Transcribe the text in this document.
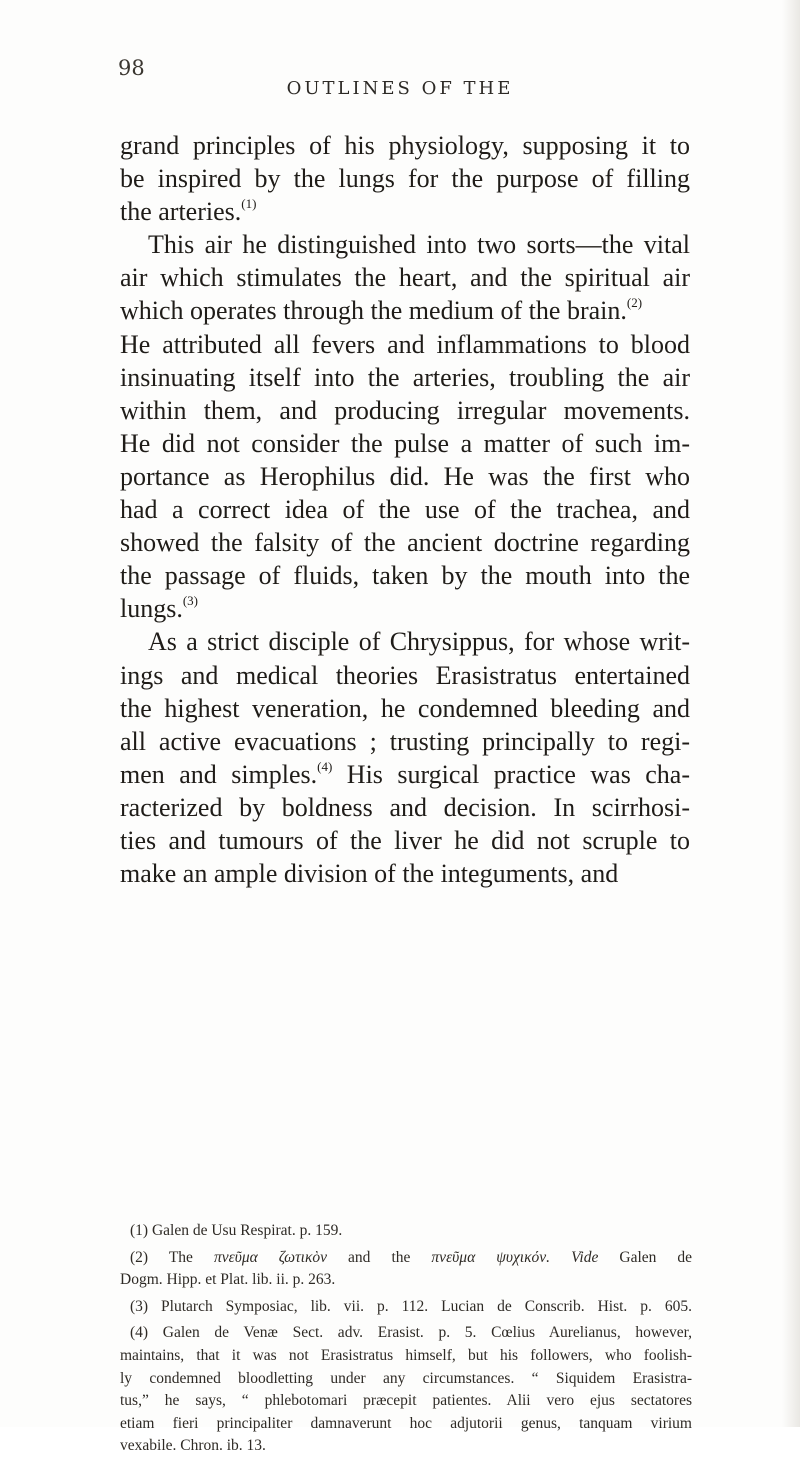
98
OUTLINES OF THE
grand principles of his physiology, supposing it to
be inspired by the lungs for the purpose of filling
the arteries.$^{(1)}$
This air he distinguished into two sorts—the vital
air which stimulates the heart, and the spiritual air
which operates through the medium of the brain.$^{(2)}$
He attributed all fevers and inflammations to blood
insinuating itself into the arteries, troubling the air
within them, and producing irregular movements.
He did not consider the pulse a matter of such im-
portance as Herophilus did. He was the first who
had a correct idea of the use of the trachea, and
showed the falsity of the ancient doctrine regarding
the passage of fluids, taken by the mouth into the
lungs.$^{(3)}$
As a strict disciple of Chrysippus, for whose writ-
ings and medical theories Erasistratus entertained
the highest veneration, he condemned bleeding and
all active evacuations ; trusting principally to regi-
men and simples.$^{(4)}$ His surgical practice was cha-
racterized by boldness and decision. In scirrhosi-
ties and tumours of the liver he did not scruple to
make an ample division of the integuments, and
(1) Galen de Usu Respirat. p. 159.
(2) The πνεῦμα ζωτικὸν and the πνεῦμα ψυχικόν. Vide Galen de
Dogm. Hipp. et Plat. lib. ii. p. 263.
(3) Plutarch Symposiac, lib. vii. p. 112. Lucian de Conscrib. Hist. p. 605.
(4) Galen de Venæ Sect. adv. Erasist. p. 5. Cœlius Aurelianus, however,
maintains, that it was not Erasistratus himself, but his followers, who foolish-
ly condemned bloodletting under any circumstances. “ Siquidem Erasistra-
tus,” he says, “ phlebotomari præcepit patientes. Alii vero ejus sectatores
etiam fieri principaliter damnaverunt hoc adjutorii genus, tanquam virium
vexabile. Chron. ib. 13.
